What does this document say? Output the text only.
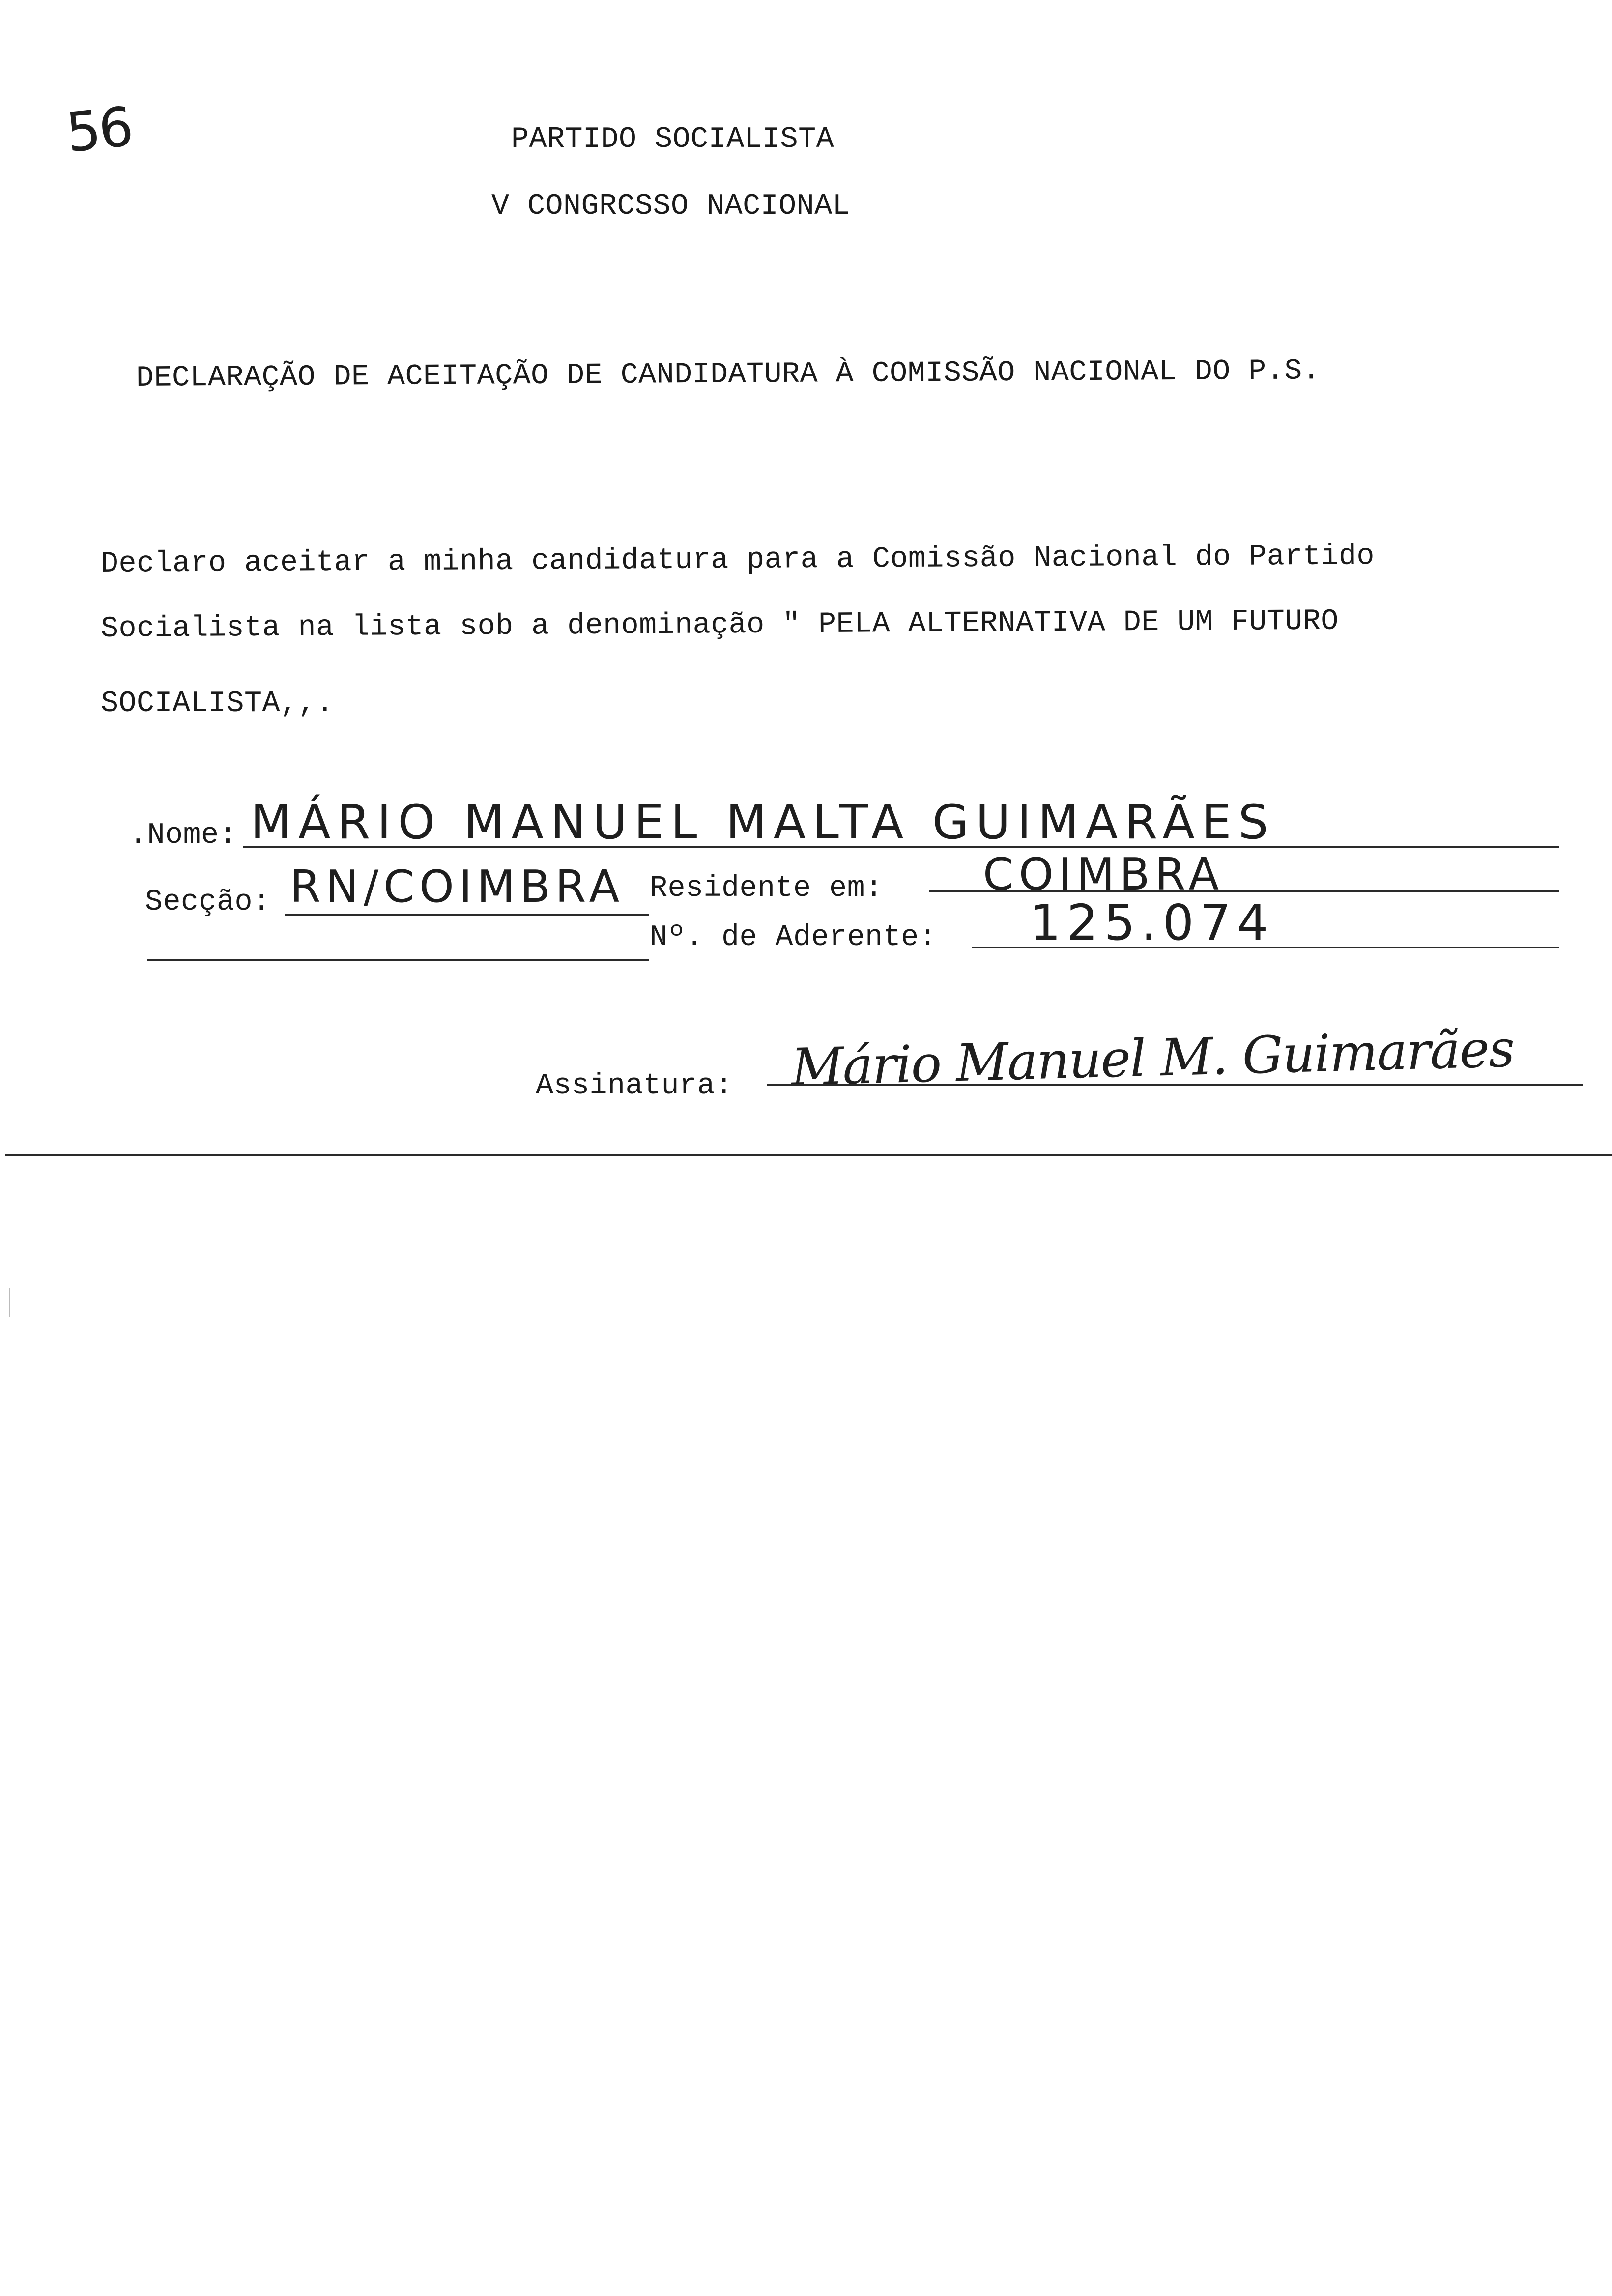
56	PARTIDO SOCIALISTA
V CONGRCSSO NACIONAL
DECLARAÇÃO DE ACEITAÇÃO DE CANDIDATURA À COMISSÃO NACIONAL DO P.S.
Declaro aceitar a minha candidatura para a Comissão Nacional do Partido
Socialista na lista sob a denominação " PELA ALTERNATIVA DE UM FUTURO
SOCIALISTA,,.
.Nome: MÁRIO MANUEL MALTA GUIMARÃES
Secção: RN/COIMBRA Residente em: COIMBRA
Nº. de Aderente: 125.074
Assinatura: Mário Manuel M. Guimarães
